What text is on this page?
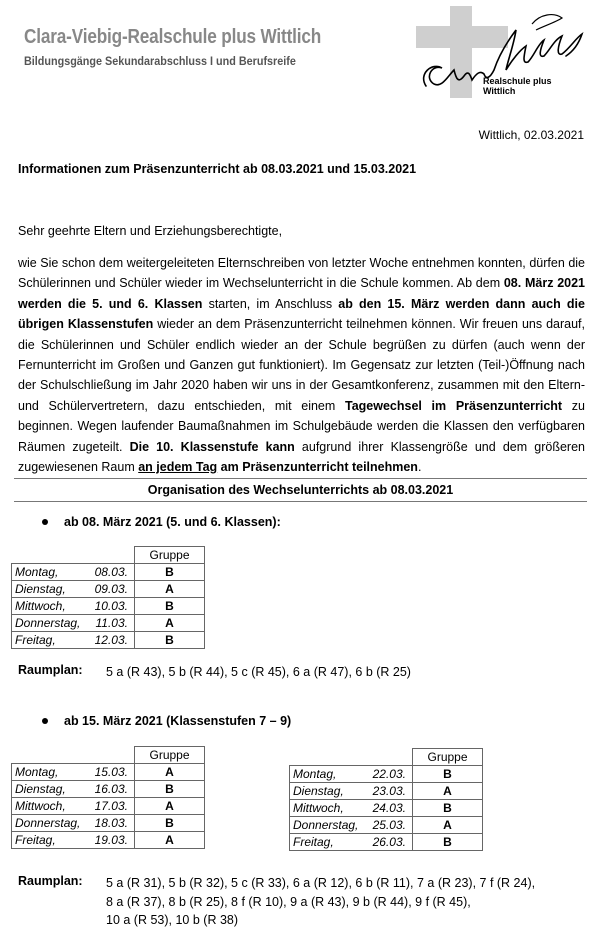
Clara-Viebig-Realschule plus Wittlich
Bildungsgänge Sekundarabschluss I und Berufsreife
Realschule plus
Wittlich
Wittlich, 02.03.2021
Informationen zum Präsenzunterricht ab 08.03.2021 und 15.03.2021
Sehr geehrte Eltern und Erziehungsberechtigte,
wie Sie schon dem weitergeleiteten Elternschreiben von letzter Woche entnehmen konnten, dürfen die Schülerinnen und Schüler wieder im Wechselunterricht in die Schule kommen. Ab dem 08. März 2021 werden die 5. und 6. Klassen starten, im Anschluss ab den 15. März werden dann auch die übrigen Klassenstufen wieder an dem Präsenzunterricht teilnehmen können. Wir freuen uns darauf, die Schülerinnen und Schüler endlich wieder an der Schule begrüßen zu dürfen (auch wenn der Fernunterricht im Großen und Ganzen gut funktioniert). Im Gegensatz zur letzten (Teil-)Öffnung nach der Schulschließung im Jahr 2020 haben wir uns in der Gesamtkonferenz, zusammen mit den Eltern- und Schülervertretern, dazu entschieden, mit einem Tagewechsel im Präsenzunterricht zu beginnen. Wegen laufender Baumaßnahmen im Schulgebäude werden die Klassen den verfügbaren Räumen zugeteilt. Die 10. Klassenstufe kann aufgrund ihrer Klassengröße und dem größeren zugewiesenen Raum an jedem Tag am Präsenzunterricht teilnehmen.
Organisation des Wechselunterrichts ab 08.03.2021
ab 08. März 2021 (5. und 6. Klassen):
	Gruppe
Montag, 08.03.	B
Dienstag, 09.03.	A
Mittwoch, 10.03.	B
Donnerstag, 11.03.	A
Freitag, 12.03.	B
Raumplan: 5 a (R 43), 5 b (R 44), 5 c (R 45), 6 a (R 47), 6 b (R 25)
ab 15. März 2021 (Klassenstufen 7 – 9)
	Gruppe
Montag, 15.03.	A
Dienstag, 16.03.	B
Mittwoch, 17.03.	A
Donnerstag, 18.03.	B
Freitag, 19.03.	A
	Gruppe
Montag, 22.03.	B
Dienstag, 23.03.	A
Mittwoch, 24.03.	B
Donnerstag, 25.03.	A
Freitag, 26.03.	B
Raumplan: 5 a (R 31), 5 b (R 32), 5 c (R 33), 6 a (R 12), 6 b (R 11), 7 a (R 23), 7 f (R 24),
8 a (R 37), 8 b (R 25), 8 f (R 10), 9 a (R 43), 9 b (R 44), 9 f (R 45),
10 a (R 53), 10 b (R 38)
